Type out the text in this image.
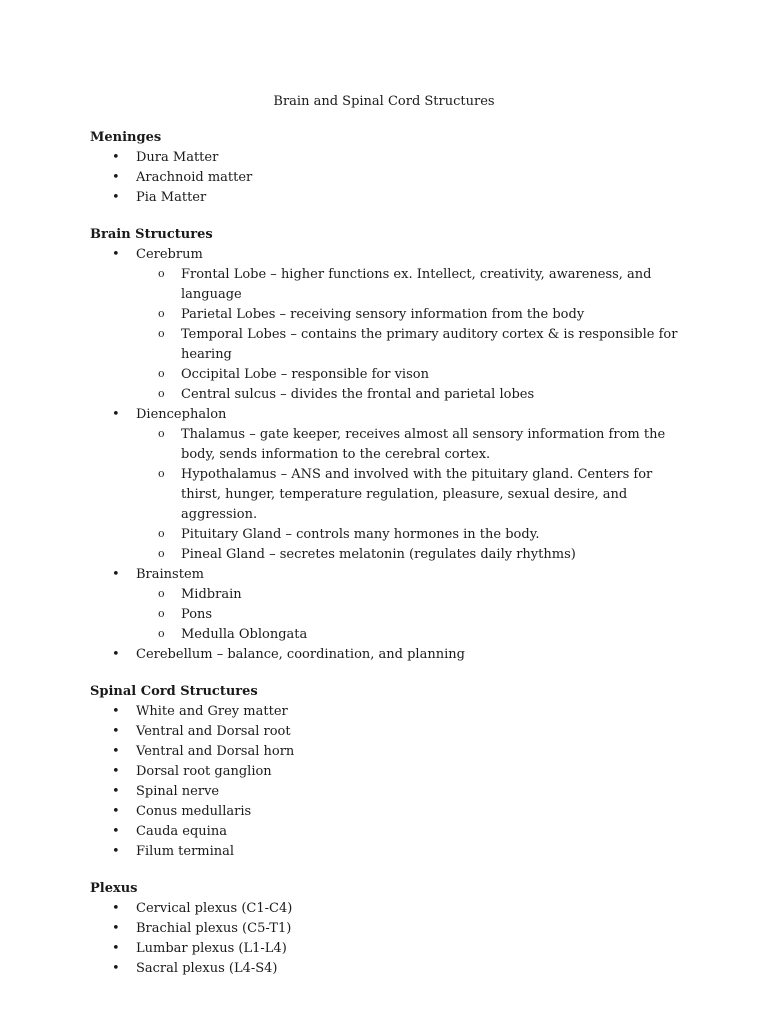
Brain and Spinal Cord Structures
Meninges
• Dura Matter
• Arachnoid matter
• Pia Matter
Brain Structures
• Cerebrum
o Frontal Lobe – higher functions ex. Intellect, creativity, awareness, and language
o Parietal Lobes – receiving sensory information from the body
o Temporal Lobes – contains the primary auditory cortex & is responsible for hearing
o Occipital Lobe – responsible for vison
o Central sulcus – divides the frontal and parietal lobes
• Diencephalon
o Thalamus – gate keeper, receives almost all sensory information from the body, sends information to the cerebral cortex.
o Hypothalamus – ANS and involved with the pituitary gland. Centers for thirst, hunger, temperature regulation, pleasure, sexual desire, and aggression.
o Pituitary Gland – controls many hormones in the body.
o Pineal Gland – secretes melatonin (regulates daily rhythms)
• Brainstem
o Midbrain
o Pons
o Medulla Oblongata
• Cerebellum – balance, coordination, and planning
Spinal Cord Structures
• White and Grey matter
• Ventral and Dorsal root
• Ventral and Dorsal horn
• Dorsal root ganglion
• Spinal nerve
• Conus medullaris
• Cauda equina
• Filum terminal
Plexus
• Cervical plexus (C1-C4)
• Brachial plexus (C5-T1)
• Lumbar plexus (L1-L4)
• Sacral plexus (L4-S4)
